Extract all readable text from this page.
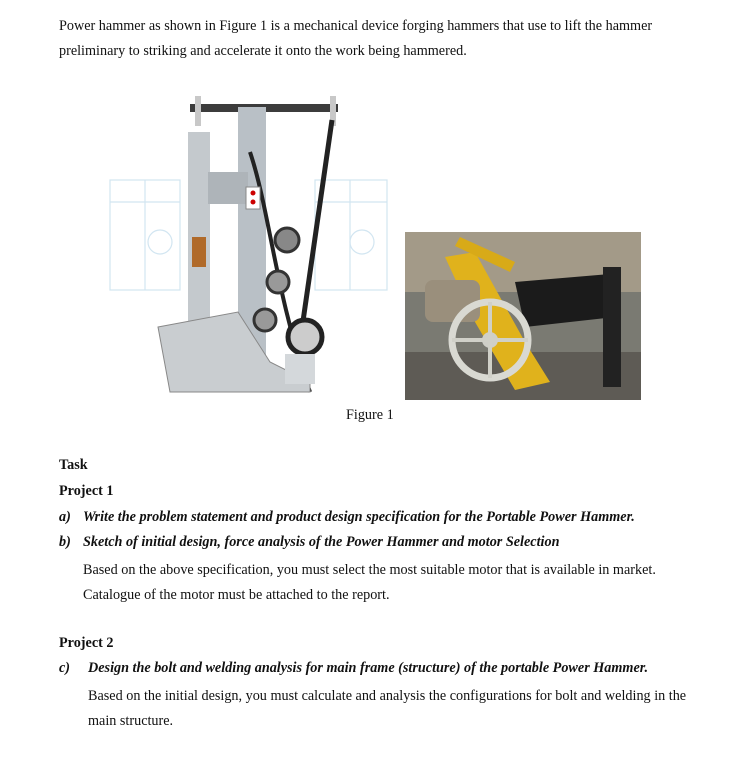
Power hammer as shown in Figure 1 is a mechanical device forging hammers that use to lift the hammer preliminary to striking and accelerate it onto the work being hammered.

Figure 1
Task
Project 1
a) Write the problem statement and product design specification for the Portable Power Hammer.
b) Sketch of initial design, force analysis of the Power Hammer and motor Selection
Based on the above specification, you must select the most suitable motor that is available in market. Catalogue of the motor must be attached to the report.
Project 2
c) Design the bolt and welding analysis for main frame (structure) of the portable Power Hammer.
Based on the initial design, you must calculate and analysis the configurations for bolt and welding in the main structure.
